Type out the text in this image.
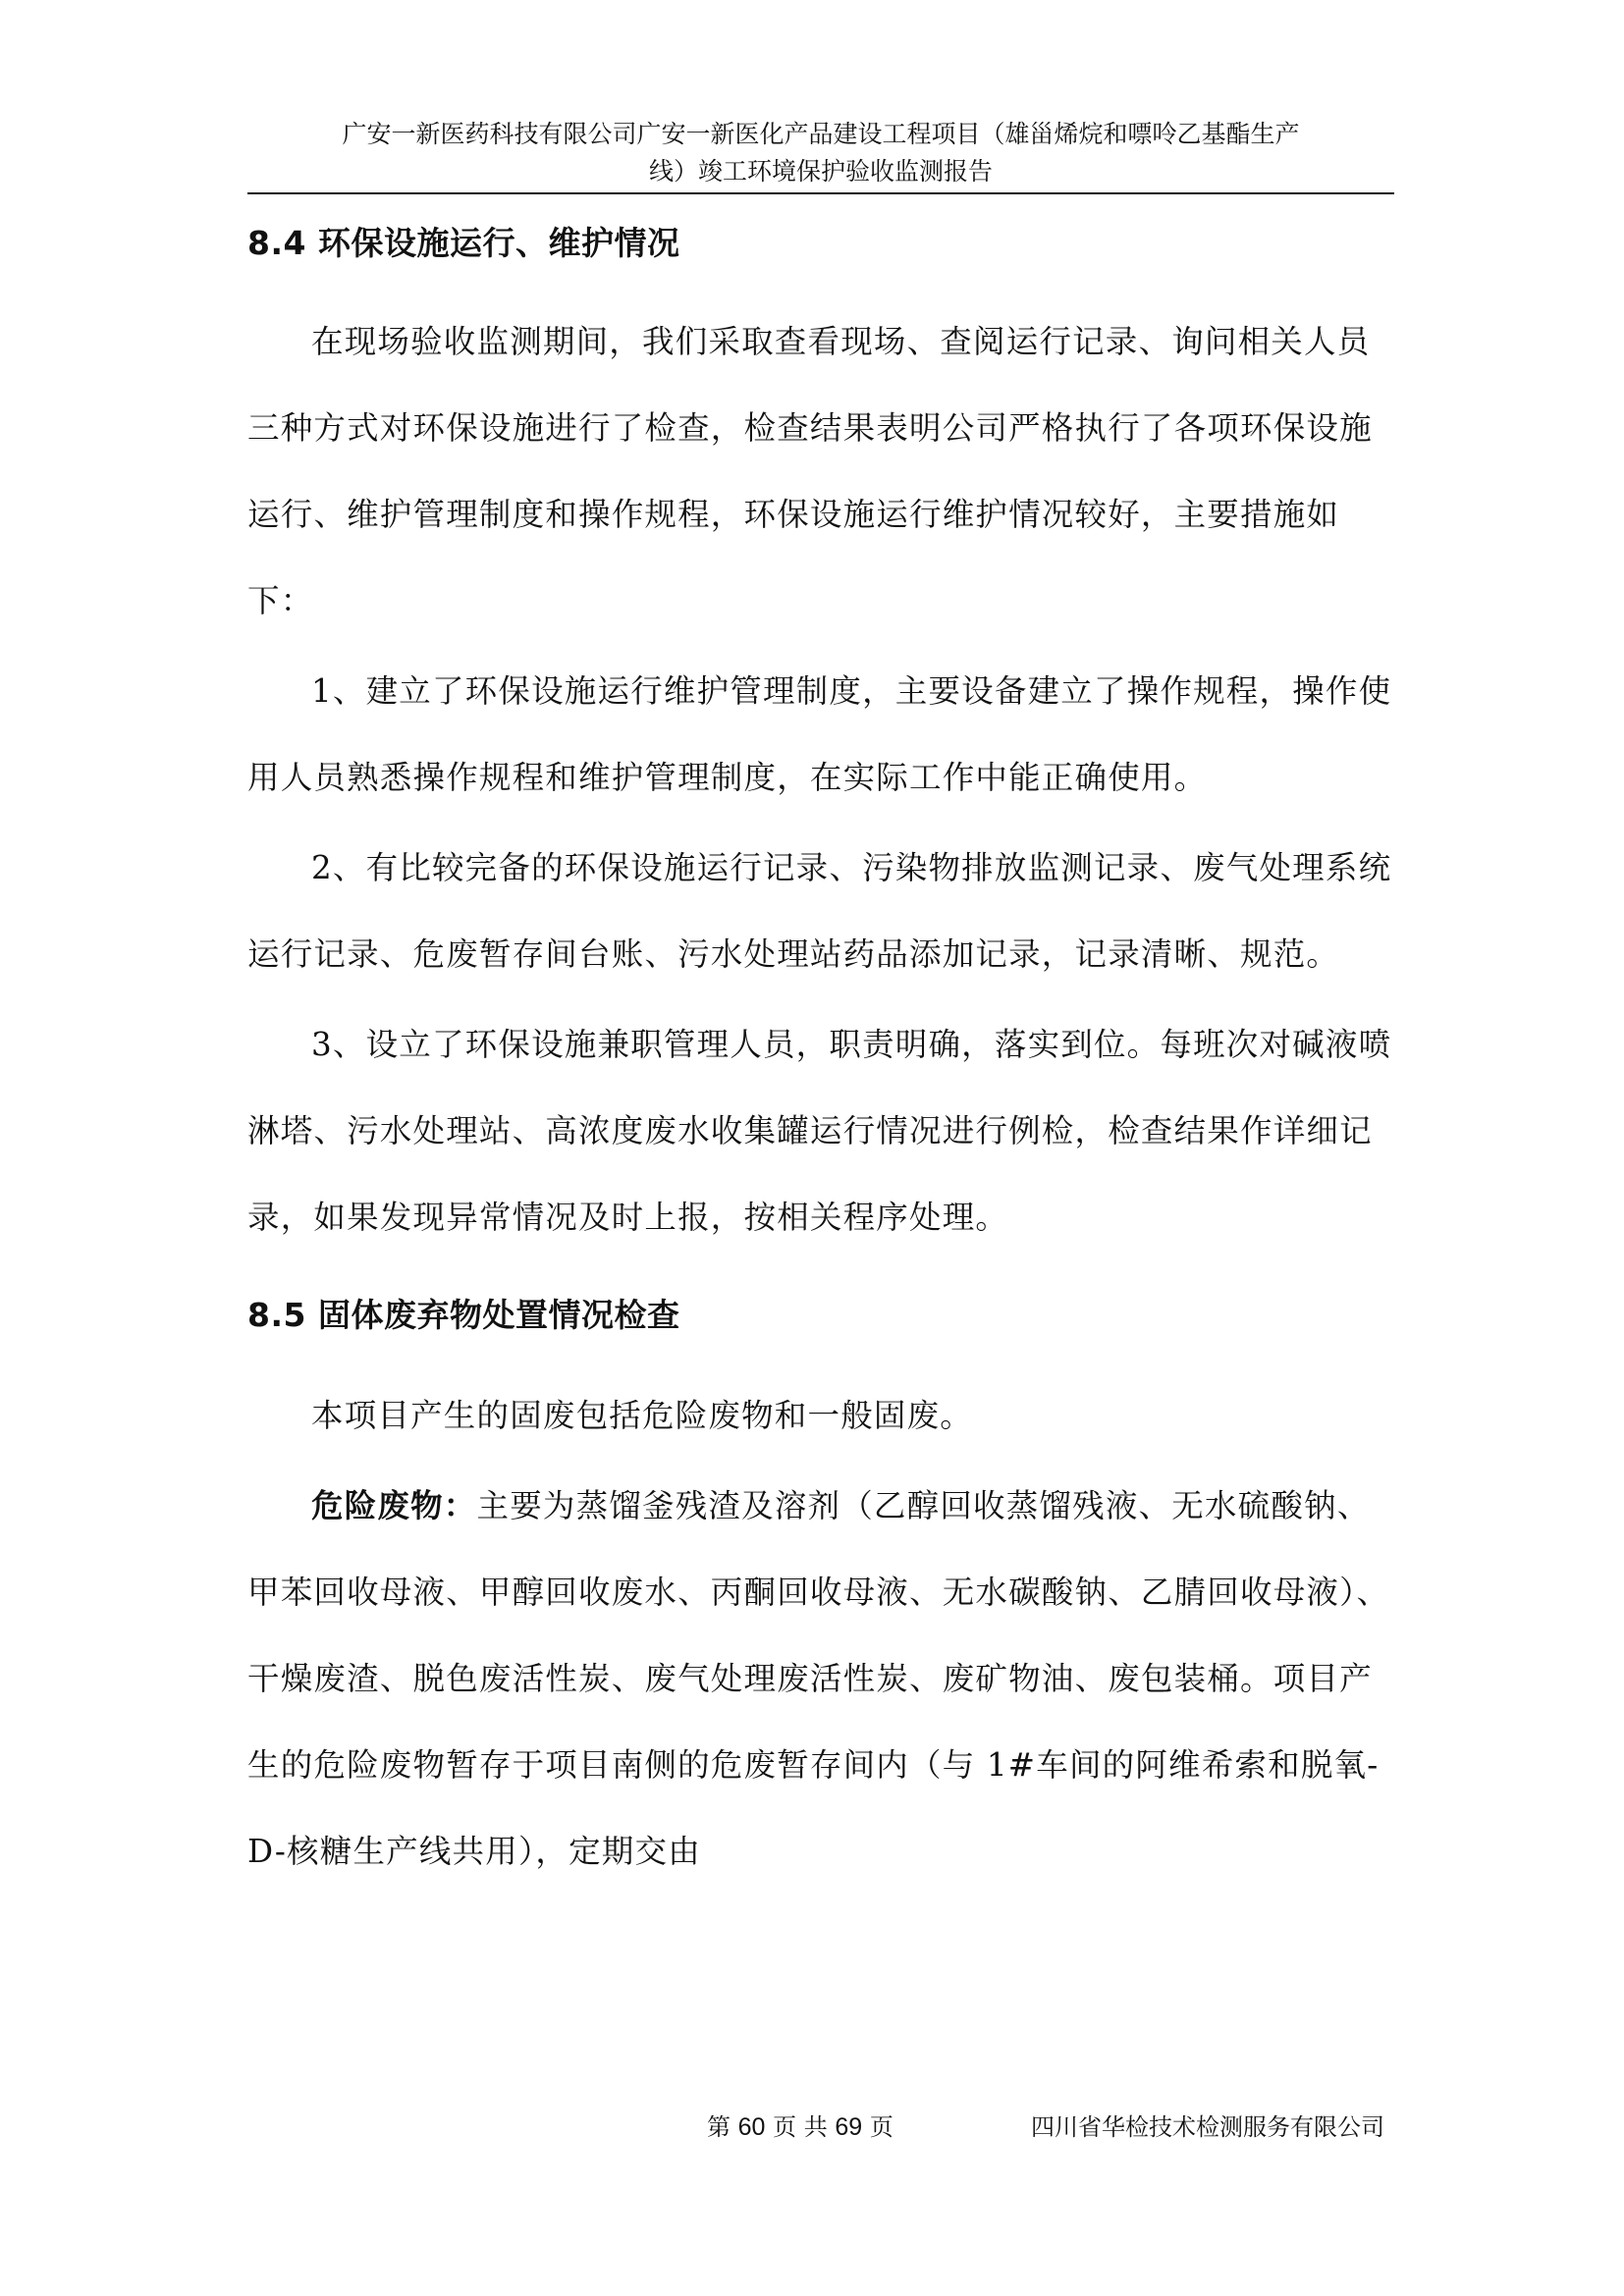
广安一新医药科技有限公司广安一新医化产品建设工程项目（雄甾烯烷和嘌呤乙基酯生产
线）竣工环境保护验收监测报告
8.4 环保设施运行、维护情况

在现场验收监测期间，我们采取查看现场、查阅运行记录、询问相关人员三种方式对环保设施进行了检查，检查结果表明公司严格执行了各项环保设施运行、维护管理制度和操作规程，环保设施运行维护情况较好，主要措施如下：

1、建立了环保设施运行维护管理制度，主要设备建立了操作规程，操作使用人员熟悉操作规程和维护管理制度，在实际工作中能正确使用。

2、有比较完备的环保设施运行记录、污染物排放监测记录、废气处理系统运行记录、危废暂存间台账、污水处理站药品添加记录，记录清晰、规范。

3、设立了环保设施兼职管理人员，职责明确，落实到位。每班次对碱液喷淋塔、污水处理站、高浓度废水收集罐运行情况进行例检，检查结果作详细记录，如果发现异常情况及时上报，按相关程序处理。

8.5 固体废弃物处置情况检查

本项目产生的固废包括危险废物和一般固废。

危险废物：主要为蒸馏釜残渣及溶剂（乙醇回收蒸馏残液、无水硫酸钠、甲苯回收母液、甲醇回收废水、丙酮回收母液、无水碳酸钠、乙腈回收母液）、干燥废渣、脱色废活性炭、废气处理废活性炭、废矿物油、废包装桶。项目产生的危险废物暂存于项目南侧的危废暂存间内（与 1#车间的阿维希索和脱氧-D-核糖生产线共用），定期交由

第 60 页 共 69 页	四川省华检技术检测服务有限公司
